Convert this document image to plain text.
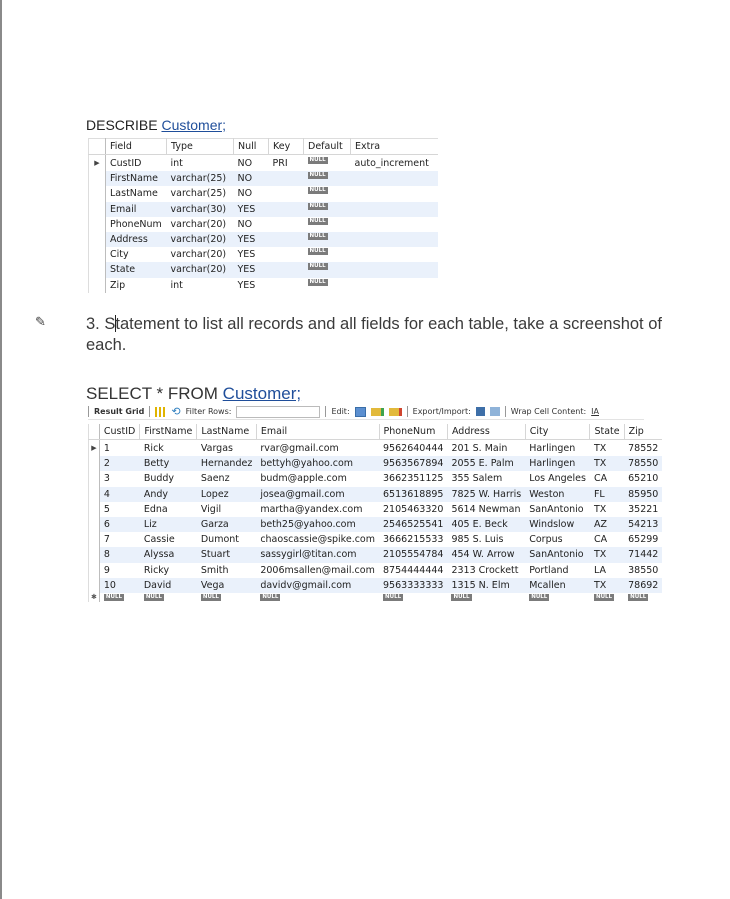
DESCRIBE Customer;
	Field	Type	Null	Key	Default	Extra
▶	CustID	int	NO	PRI	NULL	auto_increment
	FirstName	varchar(25)	NO		NULL	
	LastName	varchar(25)	NO		NULL	
	Email	varchar(30)	YES		NULL	
	PhoneNum	varchar(20)	NO		NULL	
	Address	varchar(20)	YES		NULL	
	City	varchar(20)	YES		NULL	
	State	varchar(20)	YES		NULL	
	Zip	int	YES		NULL	
✎ 3. Statement to list all records and all fields for each table, take a screenshot of each.
SELECT * FROM Customer;
Result Grid ⟲ Filter Rows:	Edit:	Export/Import:	Wrap Cell Content: IA
	CustID	FirstName	LastName	Email	PhoneNum	Address	City	State	Zip
▶	1	Rick	Vargas	rvar@gmail.com	9562640444	201 S. Main	Harlingen	TX	78552
	2	Betty	Hernandez	bettyh@yahoo.com	9563567894	2055 E. Palm	Harlingen	TX	78550
	3	Buddy	Saenz	budm@apple.com	3662351125	355 Salem	Los Angeles	CA	65210
	4	Andy	Lopez	josea@gmail.com	6513618895	7825 W. Harris	Weston	FL	85950
	5	Edna	Vigil	martha@yandex.com	2105463320	5614 Newman	SanAntonio	TX	35221
	6	Liz	Garza	beth25@yahoo.com	2546525541	405 E. Beck	Windslow	AZ	54213
	7	Cassie	Dumont	chaoscassie@spike.com	3666215533	985 S. Luis	Corpus	CA	65299
	8	Alyssa	Stuart	sassygirl@titan.com	2105554784	454 W. Arrow	SanAntonio	TX	71442
	9	Ricky	Smith	2006msallen@mail.com	8754444444	2313 Crockett	Portland	LA	38550
	10	David	Vega	davidv@gmail.com	9563333333	1315 N. Elm	Mcallen	TX	78692
✱	NULL	NULL	NULL	NULL	NULL	NULL	NULL	NULL	NULL
